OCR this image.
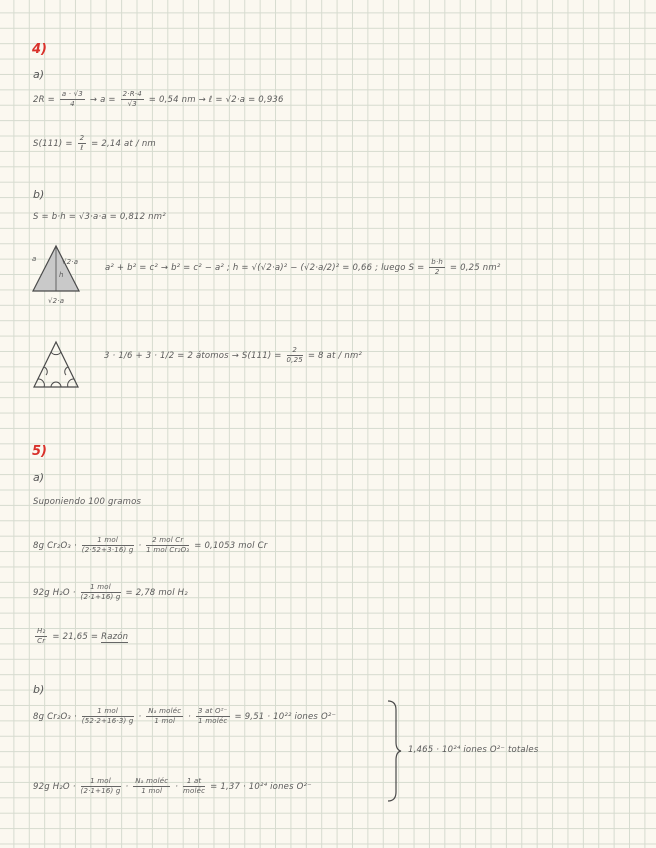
4)
a)
$2R = \frac{a \cdot √3}{4} \to a = \frac{2\cdot R\cdot 4}{√3} = 0,54$ nm → ℓ = √2·a = 0,936
$S(111) = \frac{2}{\text{ℓ}} = 2,14$ at / nm
b)
S = b·h = √3·a·a = 0,812 nm²
a	√2·a
√2·a
h
a² + b² = c² → b² = c² − a² ; h = √(√2·a)² − (√2·a/2)² = 0,66 ; luego $S = \frac{b\cdot h}{2} = 0,25$ nm²
3 · 1/6 + 3 · 1/2 = 2 átomos → $S(111) = \frac{2}{0,25} = 8$ at / nm²
5)
a)
Suponiendo 100 gramos
8g $Cr_2O_3 \cdot \frac{\text{1 mol}}{(2\cdot 52+3\cdot 16) g} \cdot \frac{\text{2 mol Cr}}{\text{1 mol Cr₂O₃}} = 0,1053$ mol Cr
92g $H_2O \cdot \frac{\text{1 mol}}{(2\cdot 1+16) g} = 2,78$ mol H₂
$\frac{\text{H₂}}{Cr} = 21,65$ = Razón
b)
8g $Cr_2O_3 \cdot \frac{\text{1 mol}}{(52\cdot 2+16\cdot 3) g} \cdot \frac{\text{Nₐ moléc}}{\text{1 mol}} \cdot \frac{\text{3 at O²⁻}}{\text{1 moléc}} = 9,51 \cdot 10^{22}$ iones O²⁻
92g $H_2O \cdot \frac{\text{1 mol}}{(2\cdot 1+16) g} \cdot \frac{\text{Nₐ moléc}}{\text{1 mol}} \cdot \frac{1 at}{\text{moléc}} = 1,37 \cdot 10^{24}$ iones O²⁻
1,465 · 10²⁴ iones O²⁻ totales
